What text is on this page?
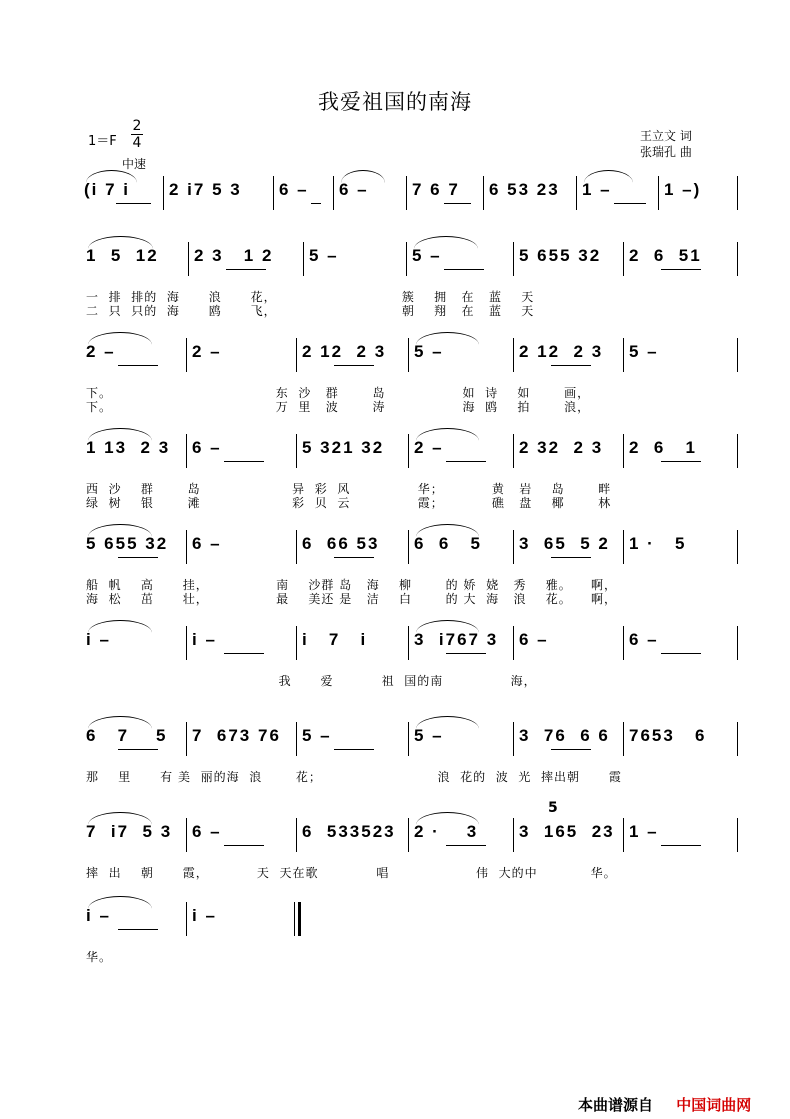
我爱祖国的南海
1＝F
2
4
中速
王立文 词
张瑞孔 曲
(i 7 i 2 i7 5 3 6 – 6 –	7 6 7 6 53 23 1 –	1 –)
1  5  12 2 3   1 2 5 –	5 –	5 655 32 2  6  51
一  排  排的  海      浪      花，                          簇    拥   在   蓝    天
二  只  只的  海      鸥      飞，                          朝    翔   在   蓝    天
2 –	2 –	2 12  2 3 5 –	2 12  2 3 5 –
下。                                  东  沙   群       岛                如  诗    如       画，
下。                                  万  里   波       涛                海  鸥    拍       浪，
1 13  2 3 6 –	5 321 32 2 –	2 32  2 3 2  6   1
西  沙    群       岛                   异  彩  风              华；          黄   岩    岛       畔
绿  树    银       滩                   彩  贝  云              霞；          礁   盘    椰       林
5 655 32 6 –	6  66 53 6  6   5 3  65  5 2 1 ·   5
船  帆    高      挂，              南    沙群 岛   海    柳       的 娇  娆   秀    雅。    啊，
海  松    茁      壮，              最    美还 是   洁    白       的 大  海   浪    花。    啊，
i –	i –	i   7   i	3  i767 3 6 –	6 –
我      爱          祖  国的南              海，
6   7    5 7  673 76 5 –	5 –	3  76  6 6 7653   6
那    里      有 美  丽的海  浪       花；                        浪  花的  波  光  摔出朝      霞
7  i7  5 3 6 –	6  533523 2 ·    3 3  165  23 1 –
摔  出    朝      霞，          天  天在歌            唱                  伟  大的中           华。
i –	i –
华。
5
本曲谱源自 中国词曲网
